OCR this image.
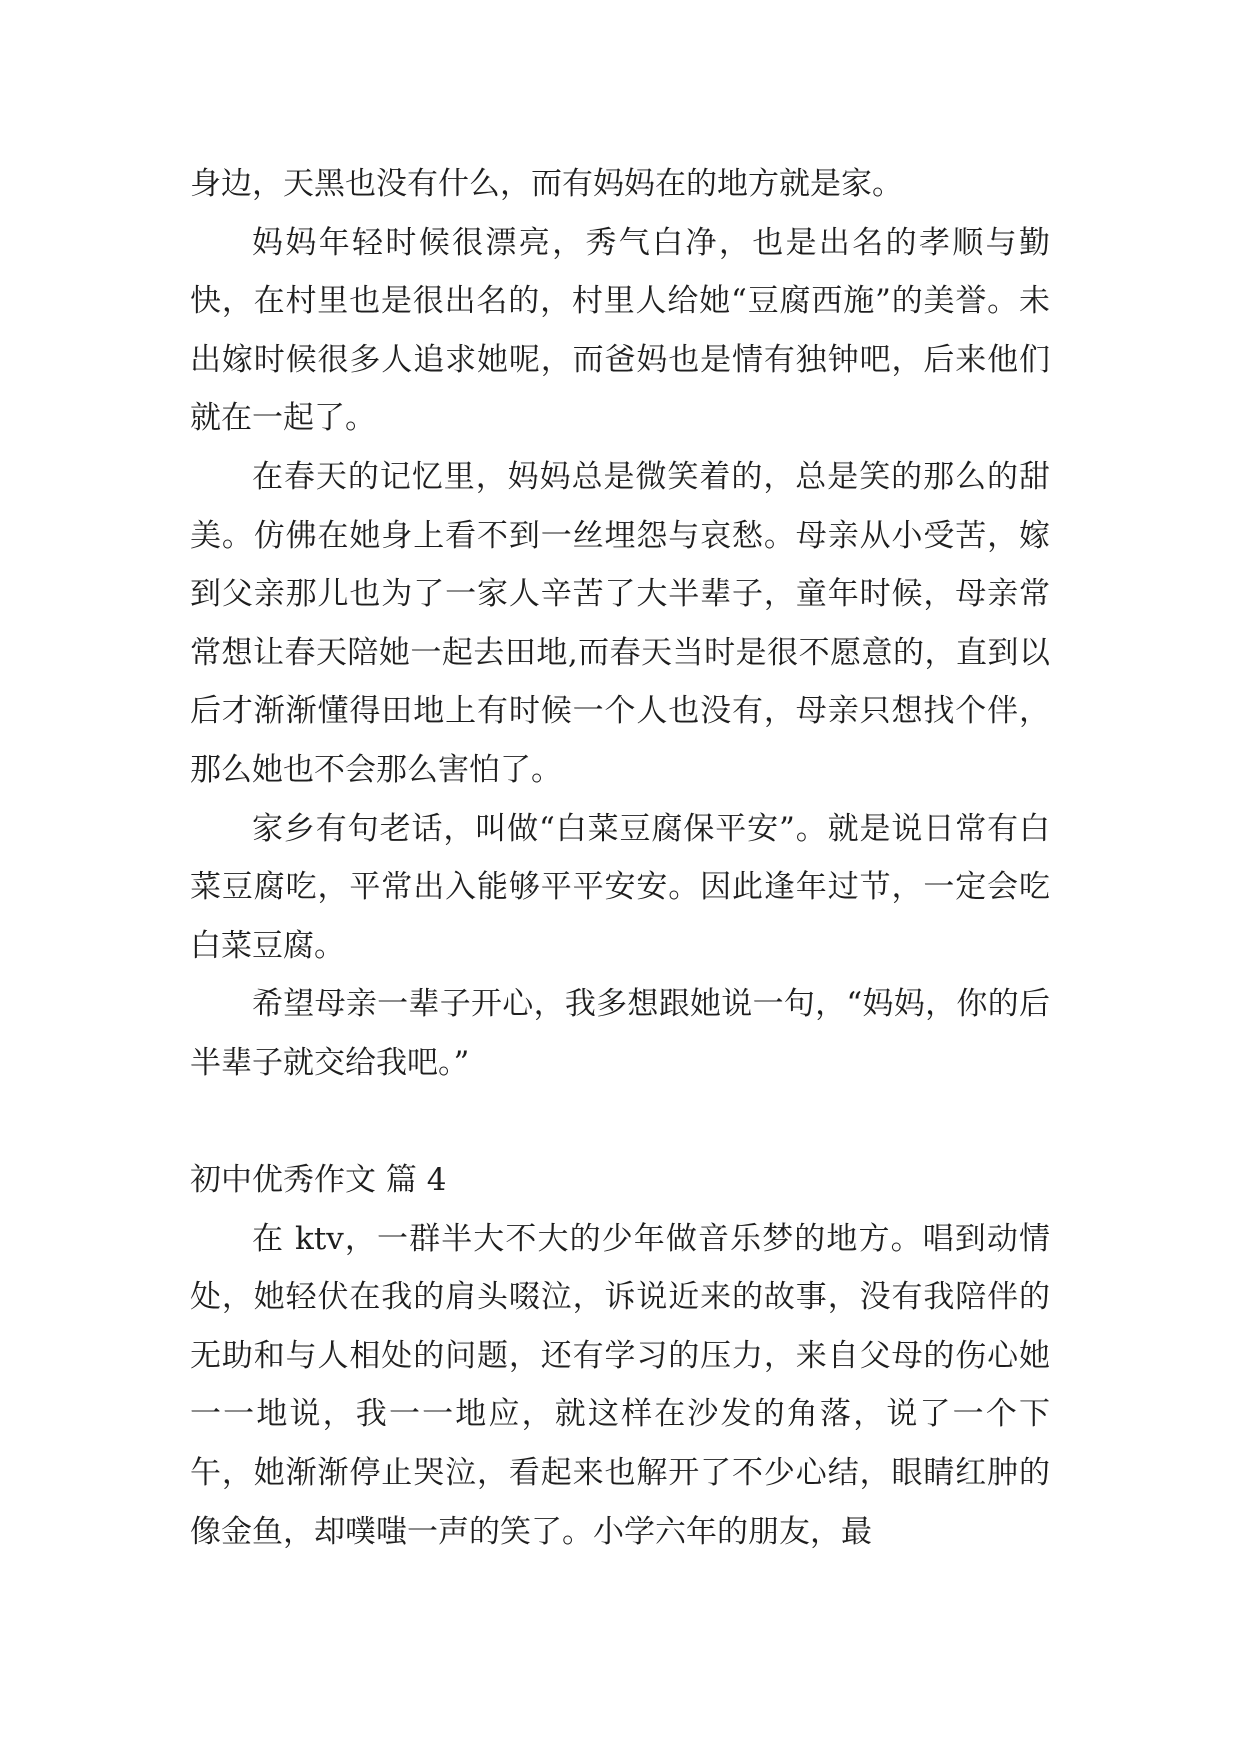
身边，天黑也没有什么，而有妈妈在的地方就是家。

妈妈年轻时候很漂亮，秀气白净，也是出名的孝顺与勤快，在村里也是很出名的，村里人给她“豆腐西施”的美誉。未出嫁时候很多人追求她呢，而爸妈也是情有独钟吧，后来他们就在一起了。

在春天的记忆里，妈妈总是微笑着的，总是笑的那么的甜美。仿佛在她身上看不到一丝埋怨与哀愁。母亲从小受苦，嫁到父亲那儿也为了一家人辛苦了大半辈子，童年时候，母亲常常想让春天陪她一起去田地,而春天当时是很不愿意的，直到以后才渐渐懂得田地上有时候一个人也没有，母亲只想找个伴，那么她也不会那么害怕了。

家乡有句老话，叫做“白菜豆腐保平安”。就是说日常有白菜豆腐吃，平常出入能够平平安安。因此逢年过节，一定会吃白菜豆腐。

希望母亲一辈子开心，我多想跟她说一句，“妈妈，你的后半辈子就交给我吧。”

初中优秀作文 篇 4

在 ktv，一群半大不大的少年做音乐梦的地方。唱到动情处，她轻伏在我的肩头啜泣，诉说近来的故事，没有我陪伴的无助和与人相处的问题，还有学习的压力，来自父母的伤心她一一地说，我一一地应，就这样在沙发的角落，说了一个下午，她渐渐停止哭泣，看起来也解开了不少心结，眼睛红肿的像金鱼，却噗嗤一声的笑了。小学六年的朋友，最
